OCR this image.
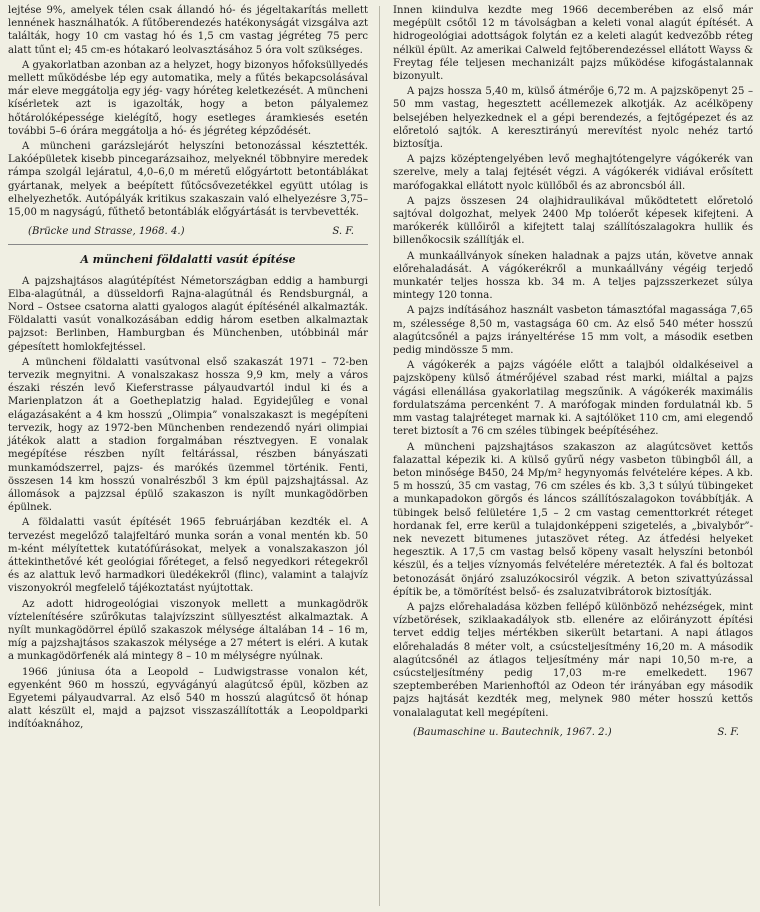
lejtése 9%, amelyek télen csak állandó hó- és jégeltakarítás mellett lennének használhatók. A fűtőberendezés hatékonyságát vizsgálva azt találták, hogy 10 cm vastag hó és 1,5 cm vastag jégréteg 75 perc alatt tűnt el; 45 cm-es hótakaró leolvasztásához 5 óra volt szükséges.

A gyakorlatban azonban az a helyzet, hogy bizonyos hőfoksüllyedés mellett működésbe lép egy automatika, mely a fűtés bekapcsolásával már eleve meggátolja egy jég- vagy hóréteg keletkezését. A müncheni kísérletek azt is igazolták, hogy a beton pályalemez hőtárolóképessége kielégítő, hogy esetleges áramkiesés esetén további 5–6 órára meggátolja a hó- és jégréteg képződését.

A müncheni garázslejárót helyszíni betonozással késztették. Lakóépületek kisebb pincegarázsaihoz, melyeknél többnyire meredek rámpa szolgál lejáratul, 4,0–6,0 m méretű előgyártott betontáblákat gyártanak, melyek a beépített fűtőcsővezetékkel együtt utólag is elhelyezhetők. Autópályák kritikus szakaszain való elhelyezésre 3,75–15,00 m nagyságú, fűthető betontáblák előgyártását is tervbevették.

(Brücke und Strasse, 1968. 4.)	S. F.
A müncheni földalatti vasút építése

A pajzshajtásos alagútépítést Németországban eddig a hamburgi Elba-alagútnál, a düsseldorfi Rajna-alagútnál és Rendsburgnál, a Nord – Ostsee csatorna alatti gyalogos alagút építésénél alkalmazták. Földalatti vasút vonalkozásában eddig három esetben alkalmaztak pajzsot: Berlinben, Hamburgban és Münchenben, utóbbinál már gépesített homlokfejtéssel.

A müncheni földalatti vasútvonal első szakaszát 1971 – 72-ben tervezik megnyitni. A vonalszakasz hossza 9,9 km, mely a város északi részén levő Kieferstrasse pályaudvartól indul ki és a Marienplatzon át a Goetheplatzig halad. Egyidejűleg e vonal elágazásaként a 4 km hosszú „Olimpia” vonalszakaszt is megépíteni tervezik, hogy az 1972-ben Münchenben rendezendő nyári olimpiai játékok alatt a stadion forgalmában résztvegyen. E vonalak megépítése részben nyílt feltárással, részben bányászati munkamódszerrel, pajzs- és marókés üzemmel történik. Fenti, összesen 14 km hosszú vonalrészből 3 km épül pajzshajtással. Az állomások a pajzzsal épülő szakaszon is nyílt munkagödörben épülnek.

A földalatti vasút építését 1965 februárjában kezdték el. A tervezést megelőző talajfeltáró munka során a vonal mentén kb. 50 m-ként mélyítettek kutatófúrásokat, melyek a vonalszakaszon jól áttekinthetővé két geológiai főréteget, a felső negyedkori rétegekről és az alattuk levő harmadkori üledékekről (flinc), valamint a talajvíz viszonyokról megfelelő tájékoztatást nyújtottak.

Az adott hidrogeológiai viszonyok mellett a munkagödrök víztelenítésére szűrőkutas talajvízszint süllyesztést alkalmaztak. A nyílt munkagödörrel épülő szakaszok mélysége általában 14 – 16 m, míg a pajzshajtásos szakaszok mélysége a 27 métert is eléri. A kutak a munkagödörfenék alá mintegy 8 – 10 m mélységre nyúlnak.

1966 júniusa óta a Leopold – Ludwigstrasse vonalon két, egyenként 960 m hosszú, egyvágányú alagútcső épül, közben az Egyetemi pályaudvarral. Az első 540 m hosszú alagútcső öt hónap alatt készült el, majd a pajzsot visszaszállították a Leopoldparki indítóaknához,

Innen kiindulva kezdte meg 1966 decemberében az első már megépült csőtől 12 m távolságban a keleti vonal alagút építését. A hidrogeológiai adottságok folytán ez a keleti alagút kedvezőbb réteg nélkül épült. Az amerikai Calweld fejtőberendezéssel ellátott Wayss & Freytag féle teljesen mechanizált pajzs működése kifogástalannak bizonyult.

A pajzs hossza 5,40 m, külső átmérője 6,72 m. A pajzsköpenyt 25 – 50 mm vastag, hegesztett acéllemezek alkotják. Az acélköpeny belsejében helyezkednek el a gépi berendezés, a fejtőgépezet és az előretoló sajtók. A keresztirányú merevítést nyolc nehéz tartó biztosítja.

A pajzs középtengelyében levő meghajtótengelyre vágókerék van szerelve, mely a talaj fejtését végzi. A vágókerék vidiával erősített marófogakkal ellátott nyolc küllőből és az abroncsból áll.

A pajzs összesen 24 olajhidraulikával működtetett előretoló sajtóval dolgozhat, melyek 2400 Mp tolóerőt képesek kifejteni. A marókerék küllőiről a kifejtett talaj szállítószalagokra hullik és billenőkocsik szállítják el.

A munkaállványok síneken haladnak a pajzs után, követve annak előrehaladását. A vágókerékről a munkaállvány végéig terjedő munkatér teljes hossza kb. 34 m. A teljes pajzsszerkezet súlya mintegy 120 tonna.

A pajzs indításához használt vasbeton támasztófal magassága 7,65 m, szélessége 8,50 m, vastagsága 60 cm. Az első 540 méter hosszú alagútcsőnél a pajzs irányeltérése 15 mm volt, a második esetben pedig mindössze 5 mm.

A vágókerék a pajzs vágóéle előtt a talajból oldalkéseivel a pajzsköpeny külső átmérőjével szabad rést marki, miáltal a pajzs vágási ellenállása gyakorlatilag megszűnik. A vágókerék maximális fordulatszáma percenként 7. A marófogak minden fordulatnál kb. 5 mm vastag talajréteget marnak ki. A sajtólöket 110 cm, ami elegendő teret biztosít a 76 cm széles tübingek beépítéséhez.

A müncheni pajzshajtásos szakaszon az alagútcsövet kettős falazattal képezik ki. A külső gyűrű négy vasbeton tübingből áll, a beton minősége B450, 24 Mp/m² hegynyomás felvételére képes. A kb. 5 m hosszú, 35 cm vastag, 76 cm széles és kb. 3,3 t súlyú tübingeket a munkapadokon görgős és láncos szállítószalagokon továbbítják. A tübingek belső felületére 1,5 – 2 cm vastag cementtorkrét réteget hordanak fel, erre kerül a tulajdonképpeni szigetelés, a „bivalybőr”-nek nevezett bitumenes jutaszövet réteg. Az átfedési helyeket hegesztik. A 17,5 cm vastag belső köpeny vasalt helyszíni betonból készül, és a teljes víznyomás felvételére méretezték. A fal és boltozat betonozását önjáró zsaluzókocsiról végzik. A beton szivattyúzással építik be, a tömörítést belső- és zsaluzatvibrátorok biztosítják.

A pajzs előrehaladása közben fellépő különböző nehézségek, mint vízbetörések, sziklaakadályok stb. ellenére az előirányzott építési tervet eddig teljes mértékben sikerült betartani. A napi átlagos előrehaladás 8 méter volt, a csúcsteljesítmény 16,20 m. A második alagútcsőnél az átlagos teljesítmény már napi 10,50 m-re, a csúcsteljesítmény pedig 17,03 m-re emelkedett. 1967 szeptemberében Marienhoftól az Odeon tér irányában egy második pajzs hajtását kezdték meg, melynek 980 méter hosszú kettős vonalalagutat kell megépíteni.

(Baumaschine u. Bautechnik, 1967. 2.)	S. F.
